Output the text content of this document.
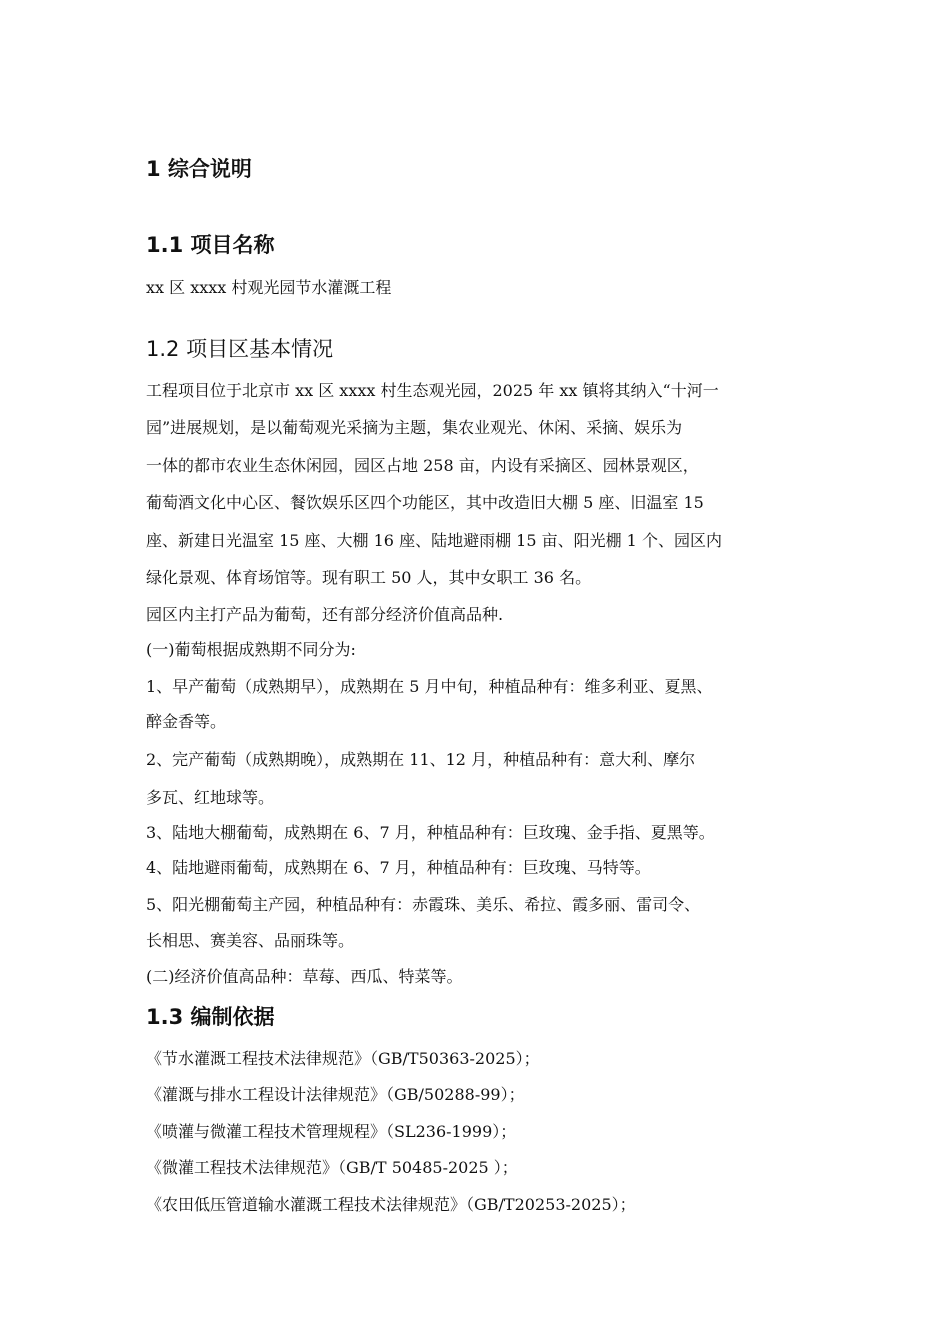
1 综合说明
1.1 项目名称
xx 区 xxxx 村观光园节水灌溉工程
1.2 项目区基本情况
工程项目位于北京市 xx 区 xxxx 村生态观光园，2025 年 xx 镇将其纳入“十河一
园”进展规划，是以葡萄观光采摘为主题，集农业观光、休闲、采摘、娱乐为
一体的都市农业生态休闲园，园区占地 258 亩，内设有采摘区、园林景观区，
葡萄酒文化中心区、餐饮娱乐区四个功能区，其中改造旧大棚 5 座、旧温室 15
座、新建日光温室 15 座、大棚 16 座、陆地避雨棚 15 亩、阳光棚 1 个、园区内
绿化景观、体育场馆等。现有职工 50 人，其中女职工 36 名。
园区内主打产品为葡萄，还有部分经济价值高品种.
(一)葡萄根据成熟期不同分为:
1、早产葡萄（成熟期早），成熟期在 5 月中旬，种植品种有：维多利亚、夏黑、
醉金香等。
2、完产葡萄（成熟期晚），成熟期在 11、12 月，种植品种有：意大利、摩尔
多瓦、红地球等。
3、陆地大棚葡萄，成熟期在 6、7 月，种植品种有：巨玫瑰、金手指、夏黑等。
4、陆地避雨葡萄，成熟期在 6、7 月，种植品种有：巨玫瑰、马特等。
5、阳光棚葡萄主产园，种植品种有：赤霞珠、美乐、希拉、霞多丽、雷司令、
长相思、赛美容、品丽珠等。
(二)经济价值高品种：草莓、西瓜、特菜等。
1.3 编制依据
《节水灌溉工程技术法律规范》（GB/T50363-2025）；
《灌溉与排水工程设计法律规范》（GB/50288-99）；
《喷灌与微灌工程技术管理规程》（SL236-1999）；
《微灌工程技术法律规范》（GB/T 50485-2025 ）；
《农田低压管道输水灌溉工程技术法律规范》（GB/T20253-2025）；
